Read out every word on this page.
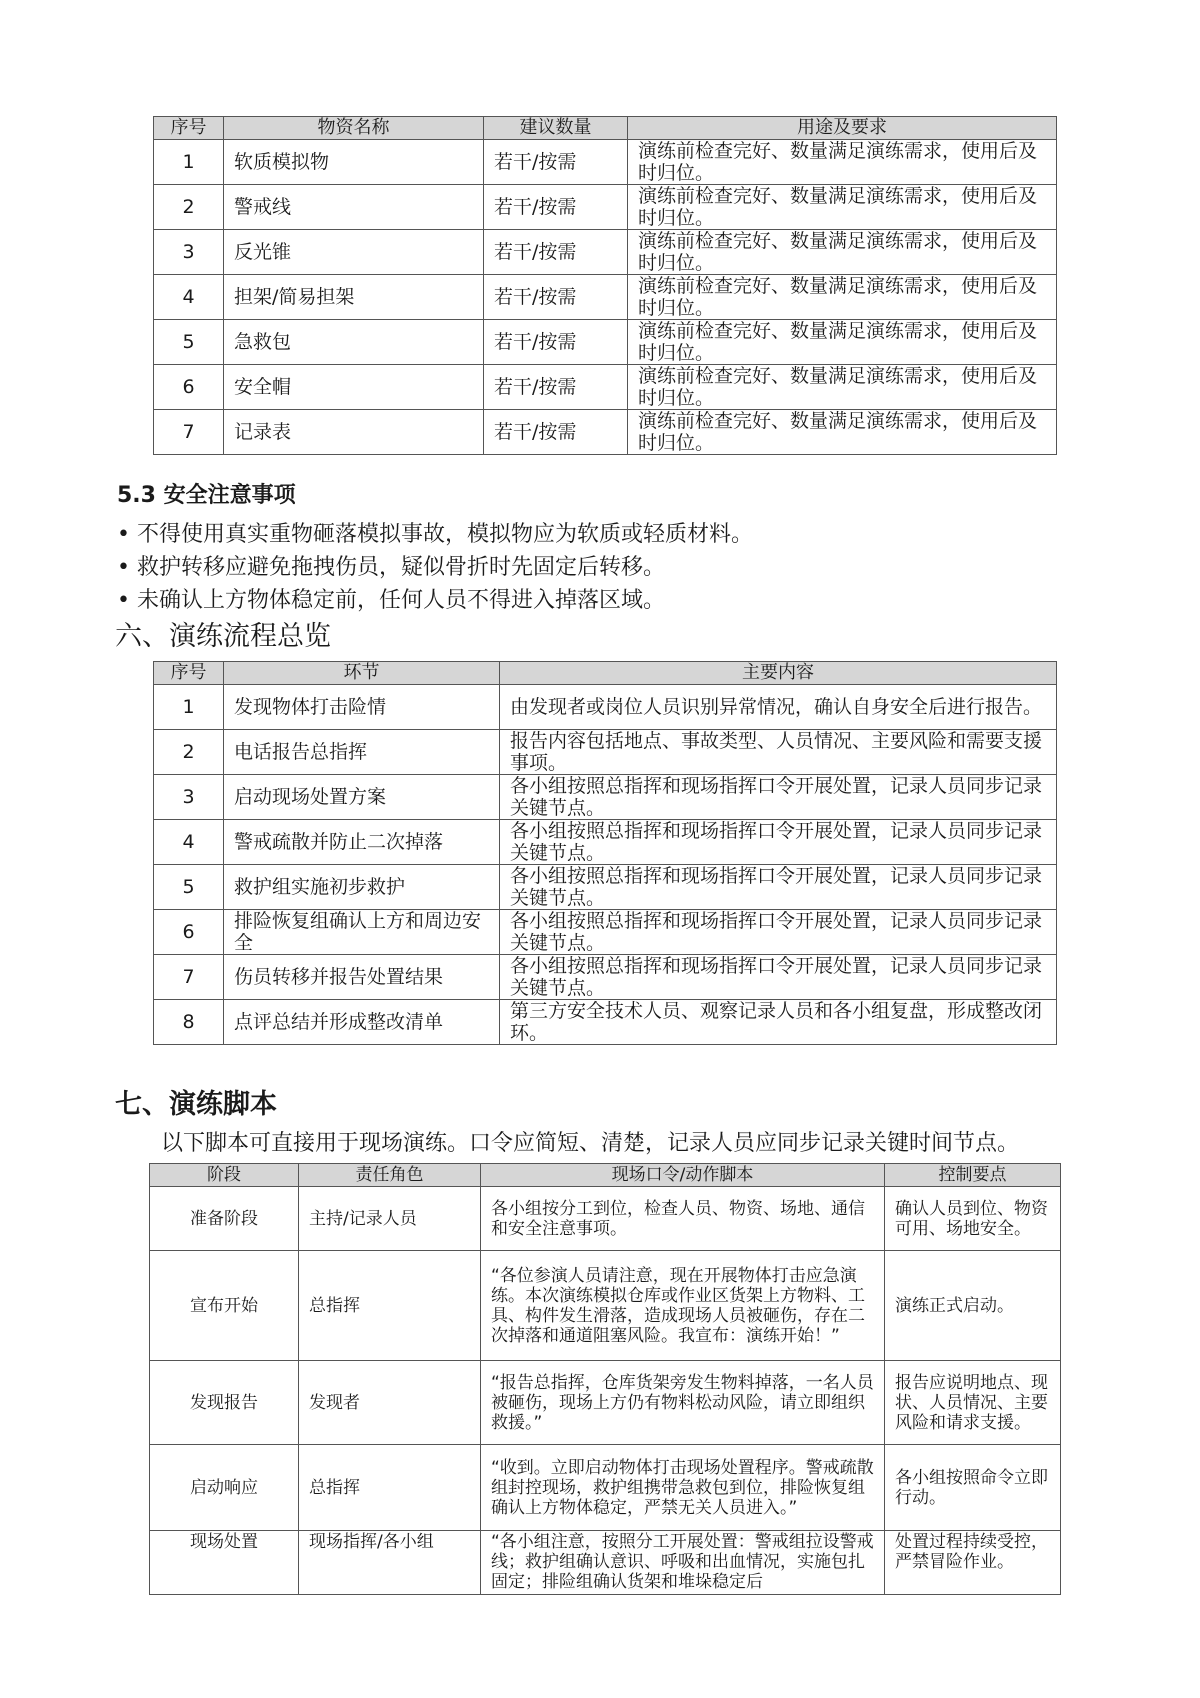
序号	物资名称	建议数量	用途及要求
1	软质模拟物	若干/按需	演练前检查完好、数量满足演练需求，使用后及时归位。
2	警戒线	若干/按需	演练前检查完好、数量满足演练需求，使用后及时归位。
3	反光锥	若干/按需	演练前检查完好、数量满足演练需求，使用后及时归位。
4	担架/简易担架	若干/按需	演练前检查完好、数量满足演练需求，使用后及时归位。
5	急救包	若干/按需	演练前检查完好、数量满足演练需求，使用后及时归位。
6	安全帽	若干/按需	演练前检查完好、数量满足演练需求，使用后及时归位。
7	记录表	若干/按需	演练前检查完好、数量满足演练需求，使用后及时归位。
5.3 安全注意事项
• 不得使用真实重物砸落模拟事故，模拟物应为软质或轻质材料。
• 救护转移应避免拖拽伤员，疑似骨折时先固定后转移。
• 未确认上方物体稳定前，任何人员不得进入掉落区域。
六、演练流程总览
序号	环节	主要内容
1	发现物体打击险情	由发现者或岗位人员识别异常情况，确认自身安全后进行报告。
2	电话报告总指挥	报告内容包括地点、事故类型、人员情况、主要风险和需要支援事项。
3	启动现场处置方案	各小组按照总指挥和现场指挥口令开展处置，记录人员同步记录关键节点。
4	警戒疏散并防止二次掉落	各小组按照总指挥和现场指挥口令开展处置，记录人员同步记录关键节点。
5	救护组实施初步救护	各小组按照总指挥和现场指挥口令开展处置，记录人员同步记录关键节点。
6	排险恢复组确认上方和周边安全	各小组按照总指挥和现场指挥口令开展处置，记录人员同步记录关键节点。
7	伤员转移并报告处置结果	各小组按照总指挥和现场指挥口令开展处置，记录人员同步记录关键节点。
8	点评总结并形成整改清单	第三方安全技术人员、观察记录人员和各小组复盘，形成整改闭环。
七、演练脚本
以下脚本可直接用于现场演练。口令应简短、清楚，记录人员应同步记录关键时间节点。
阶段	责任角色	现场口令/动作脚本	控制要点
准备阶段	主持/记录人员	各小组按分工到位，检查人员、物资、场地、通信和安全注意事项。	确认人员到位、物资可用、场地安全。
宣布开始	总指挥	“各位参演人员请注意，现在开展物体打击应急演练。本次演练模拟仓库或作业区货架上方物料、工具、构件发生滑落，造成现场人员被砸伤，存在二次掉落和通道阻塞风险。我宣布：演练开始！”	演练正式启动。
发现报告	发现者	“报告总指挥，仓库货架旁发生物料掉落，一名人员被砸伤，现场上方仍有物料松动风险，请立即组织救援。”	报告应说明地点、现状、人员情况、主要风险和请求支援。
启动响应	总指挥	“收到。立即启动物体打击现场处置程序。警戒疏散组封控现场，救护组携带急救包到位，排险恢复组确认上方物体稳定，严禁无关人员进入。”	各小组按照命令立即行动。
现场处置	现场指挥/各小组	“各小组注意，按照分工开展处置：警戒组拉设警戒线；救护组确认意识、呼吸和出血情况，实施包扎固定；排险组确认货架和堆垛稳定后	处置过程持续受控，严禁冒险作业。
